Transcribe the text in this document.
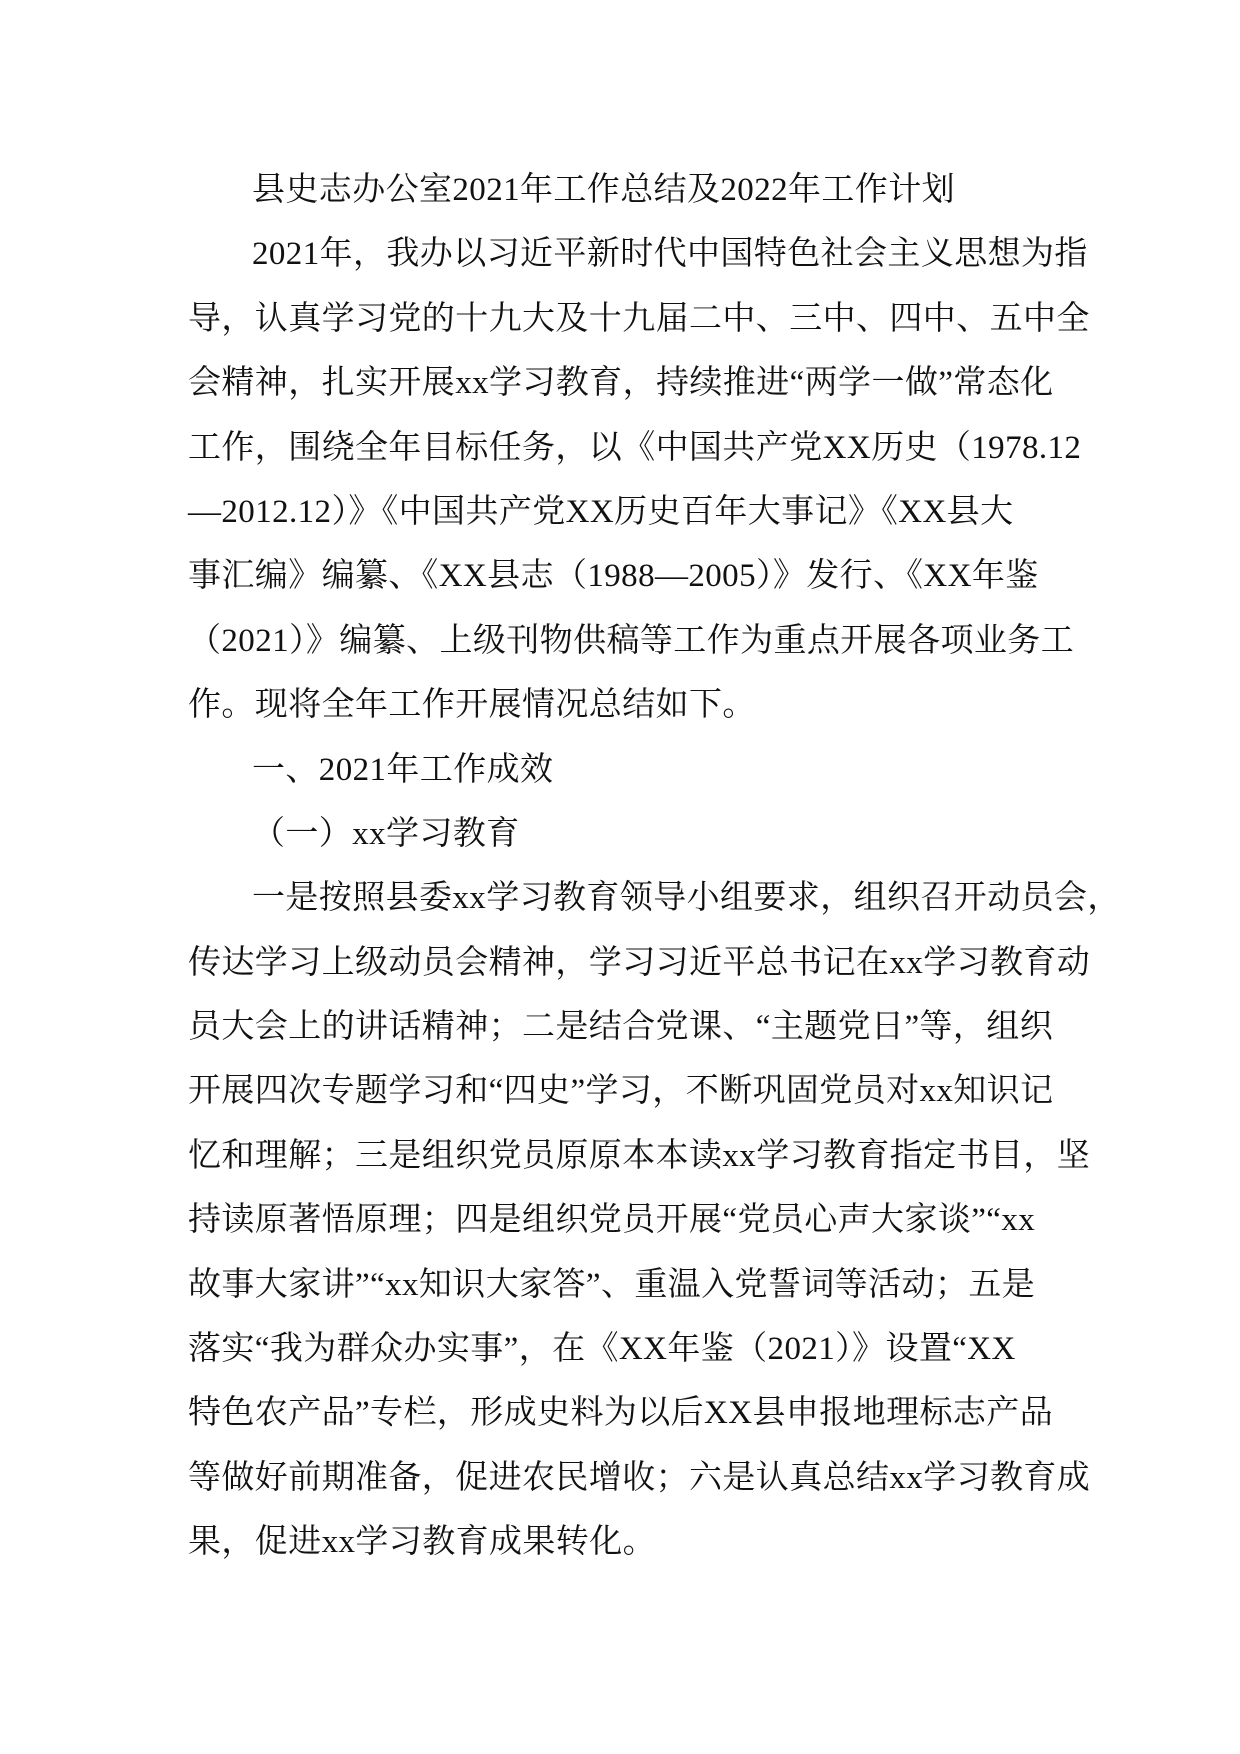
县史志办公室2021年工作总结及2022年工作计划
2021年，我办以习近平新时代中国特色社会主义思想为指
导，认真学习党的十九大及十九届二中、三中、四中、五中全
会精神，扎实开展xx学习教育，持续推进“两学一做”常态化
工作，围绕全年目标任务，以《中国共产党XX历史（1978.12
—2012.12）》《中国共产党XX历史百年大事记》《XX县大
事汇编》编纂、《XX县志（1988—2005）》发行、《XX年鉴
（2021）》编纂、上级刊物供稿等工作为重点开展各项业务工
作。现将全年工作开展情况总结如下。
一、2021年工作成效
（一）xx学习教育
一是按照县委xx学习教育领导小组要求，组织召开动员会，
传达学习上级动员会精神，学习习近平总书记在xx学习教育动
员大会上的讲话精神；二是结合党课、“主题党日”等，组织
开展四次专题学习和“四史”学习，不断巩固党员对xx知识记
忆和理解；三是组织党员原原本本读xx学习教育指定书目，坚
持读原著悟原理；四是组织党员开展“党员心声大家谈”“xx
故事大家讲”“xx知识大家答”、重温入党誓词等活动；五是
落实“我为群众办实事”，在《XX年鉴（2021）》设置“XX
特色农产品”专栏，形成史料为以后XX县申报地理标志产品
等做好前期准备，促进农民增收；六是认真总结xx学习教育成
果，促进xx学习教育成果转化。
